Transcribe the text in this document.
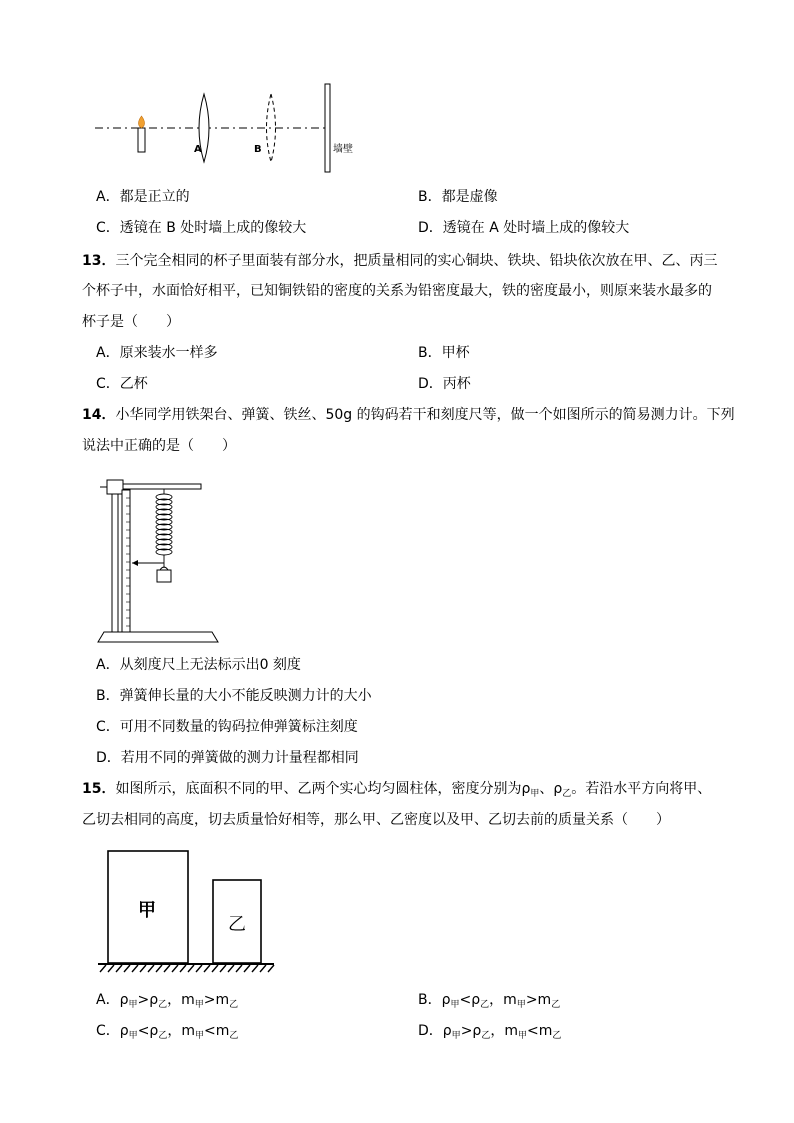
A	B	墙壁
A．都是正立的	B．都是虚像
C．透镜在 B 处时墙上成的像较大	D．透镜在 A 处时墙上成的像较大
13．三个完全相同的杯子里面装有部分水，把质量相同的实心铜块、铁块、铅块依次放在甲、乙、丙三
个杯子中，水面恰好相平，已知铜铁铅的密度的关系为铅密度最大，铁的密度最小，则原来装水最多的
杯子是（　　）
A．原来装水一样多	B．甲杯
C．乙杯	D．丙杯
14．小华同学用铁架台、弹簧、铁丝、50g 的钩码若干和刻度尺等，做一个如图所示的简易测力计。下列
说法中正确的是（　　）
A．从刻度尺上无法标示出0 刻度
B．弹簧伸长量的大小不能反映测力计的大小
C．可用不同数量的钩码拉伸弹簧标注刻度
D．若用不同的弹簧做的测力计量程都相同
15．如图所示，底面积不同的甲、乙两个实心均匀圆柱体，密度分别为$\rho_甲$、$\rho_乙$。若沿水平方向将甲、
乙切去相同的高度，切去质量恰好相等，那么甲、乙密度以及甲、乙切去前的质量关系（　　）
甲
乙
A．$\rho_甲>\rho_乙$，$m_甲>m_乙$	B．$\rho_甲<\rho_乙$，$m_甲>m_乙$
C．$\rho_甲<\rho_乙$，$m_甲<m_乙$	D．$\rho_甲>\rho_乙$，$m_甲<m_乙$
